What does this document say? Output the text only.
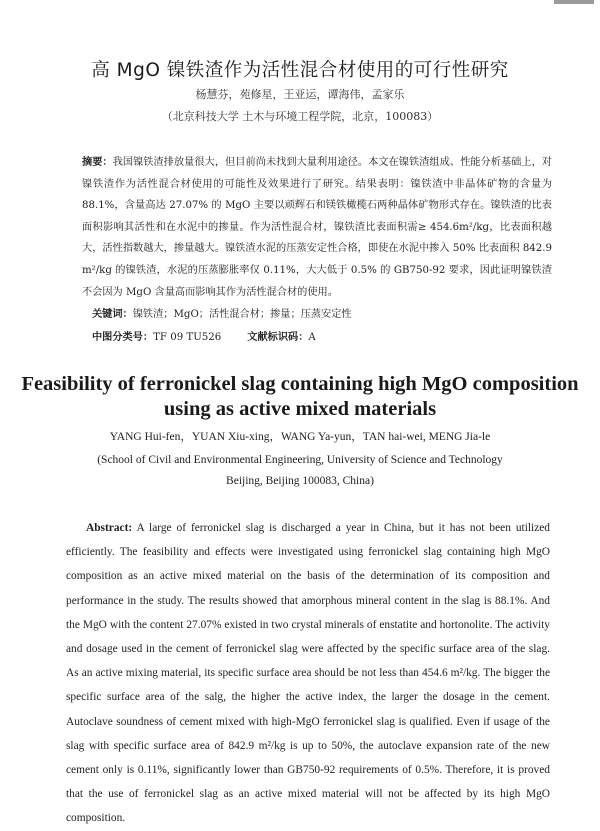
高 MgO 镍铁渣作为活性混合材使用的可行性研究
杨慧芬，苑修星，王亚运，谭海伟，孟家乐
（北京科技大学 土木与环境工程学院，北京，100083）
摘要：我国镍铁渣排放量很大，但目前尚未找到大量利用途径。本文在镍铁渣组成、性能分析基础上，对镍铁渣作为活性混合材使用的可能性及效果进行了研究。结果表明：镍铁渣中非晶体矿物的含量为 88.1%，含量高达 27.07% 的 MgO 主要以顽辉石和镁铁橄榄石两种晶体矿物形式存在。镍铁渣的比表面积影响其活性和在水泥中的掺量。作为活性混合材，镍铁渣比表面积需≥ 454.6m²/kg，比表面积越大，活性指数越大，掺量越大。镍铁渣水泥的压蒸安定性合格，即使在水泥中掺入 50% 比表面积 842.9 m²/kg 的镍铁渣，水泥的压蒸膨胀率仅 0.11%，大大低于 0.5% 的 GB750-92 要求，因此证明镍铁渣不会因为 MgO 含量高而影响其作为活性混合材的使用。
关键词：镍铁渣；MgO；活性混合材；掺量；压蒸安定性
中图分类号：TF 09 TU526	文献标识码：A
Feasibility of ferronickel slag containing high MgO composition using as active mixed materials
YANG Hui-fen，YUAN Xiu-xing，WANG Ya-yun，TAN hai-wei, MENG Jia-le
(School of Civil and Environmental Engineering, University of Science and Technology Beijing, Beijing 100083, China)
Abstract: A large of ferronickel slag is discharged a year in China, but it has not been utilized efficiently. The feasibility and effects were investigated using ferronickel slag containing high MgO composition as an active mixed material on the basis of the determination of its composition and performance in the study. The results showed that amorphous mineral content in the slag is 88.1%. And the MgO with the content 27.07% existed in two crystal minerals of enstatite and hortonolite. The activity and dosage used in the cement of ferronickel slag were affected by the specific surface area of the slag. As an active mixing material, its specific surface area should be not less than 454.6 m²/kg. The bigger the specific surface area of the salg, the higher the active index, the larger the dosage in the cement. Autoclave soundness of cement mixed with high-MgO ferronickel slag is qualified. Even if usage of the slag with specific surface area of 842.9 m²/kg is up to 50%, the autoclave expansion rate of the new cement only is 0.11%, significantly lower than GB750-92 requirements of 0.5%. Therefore, it is proved that the use of ferronickel slag as an active mixed material will not be affected by its high MgO composition.
